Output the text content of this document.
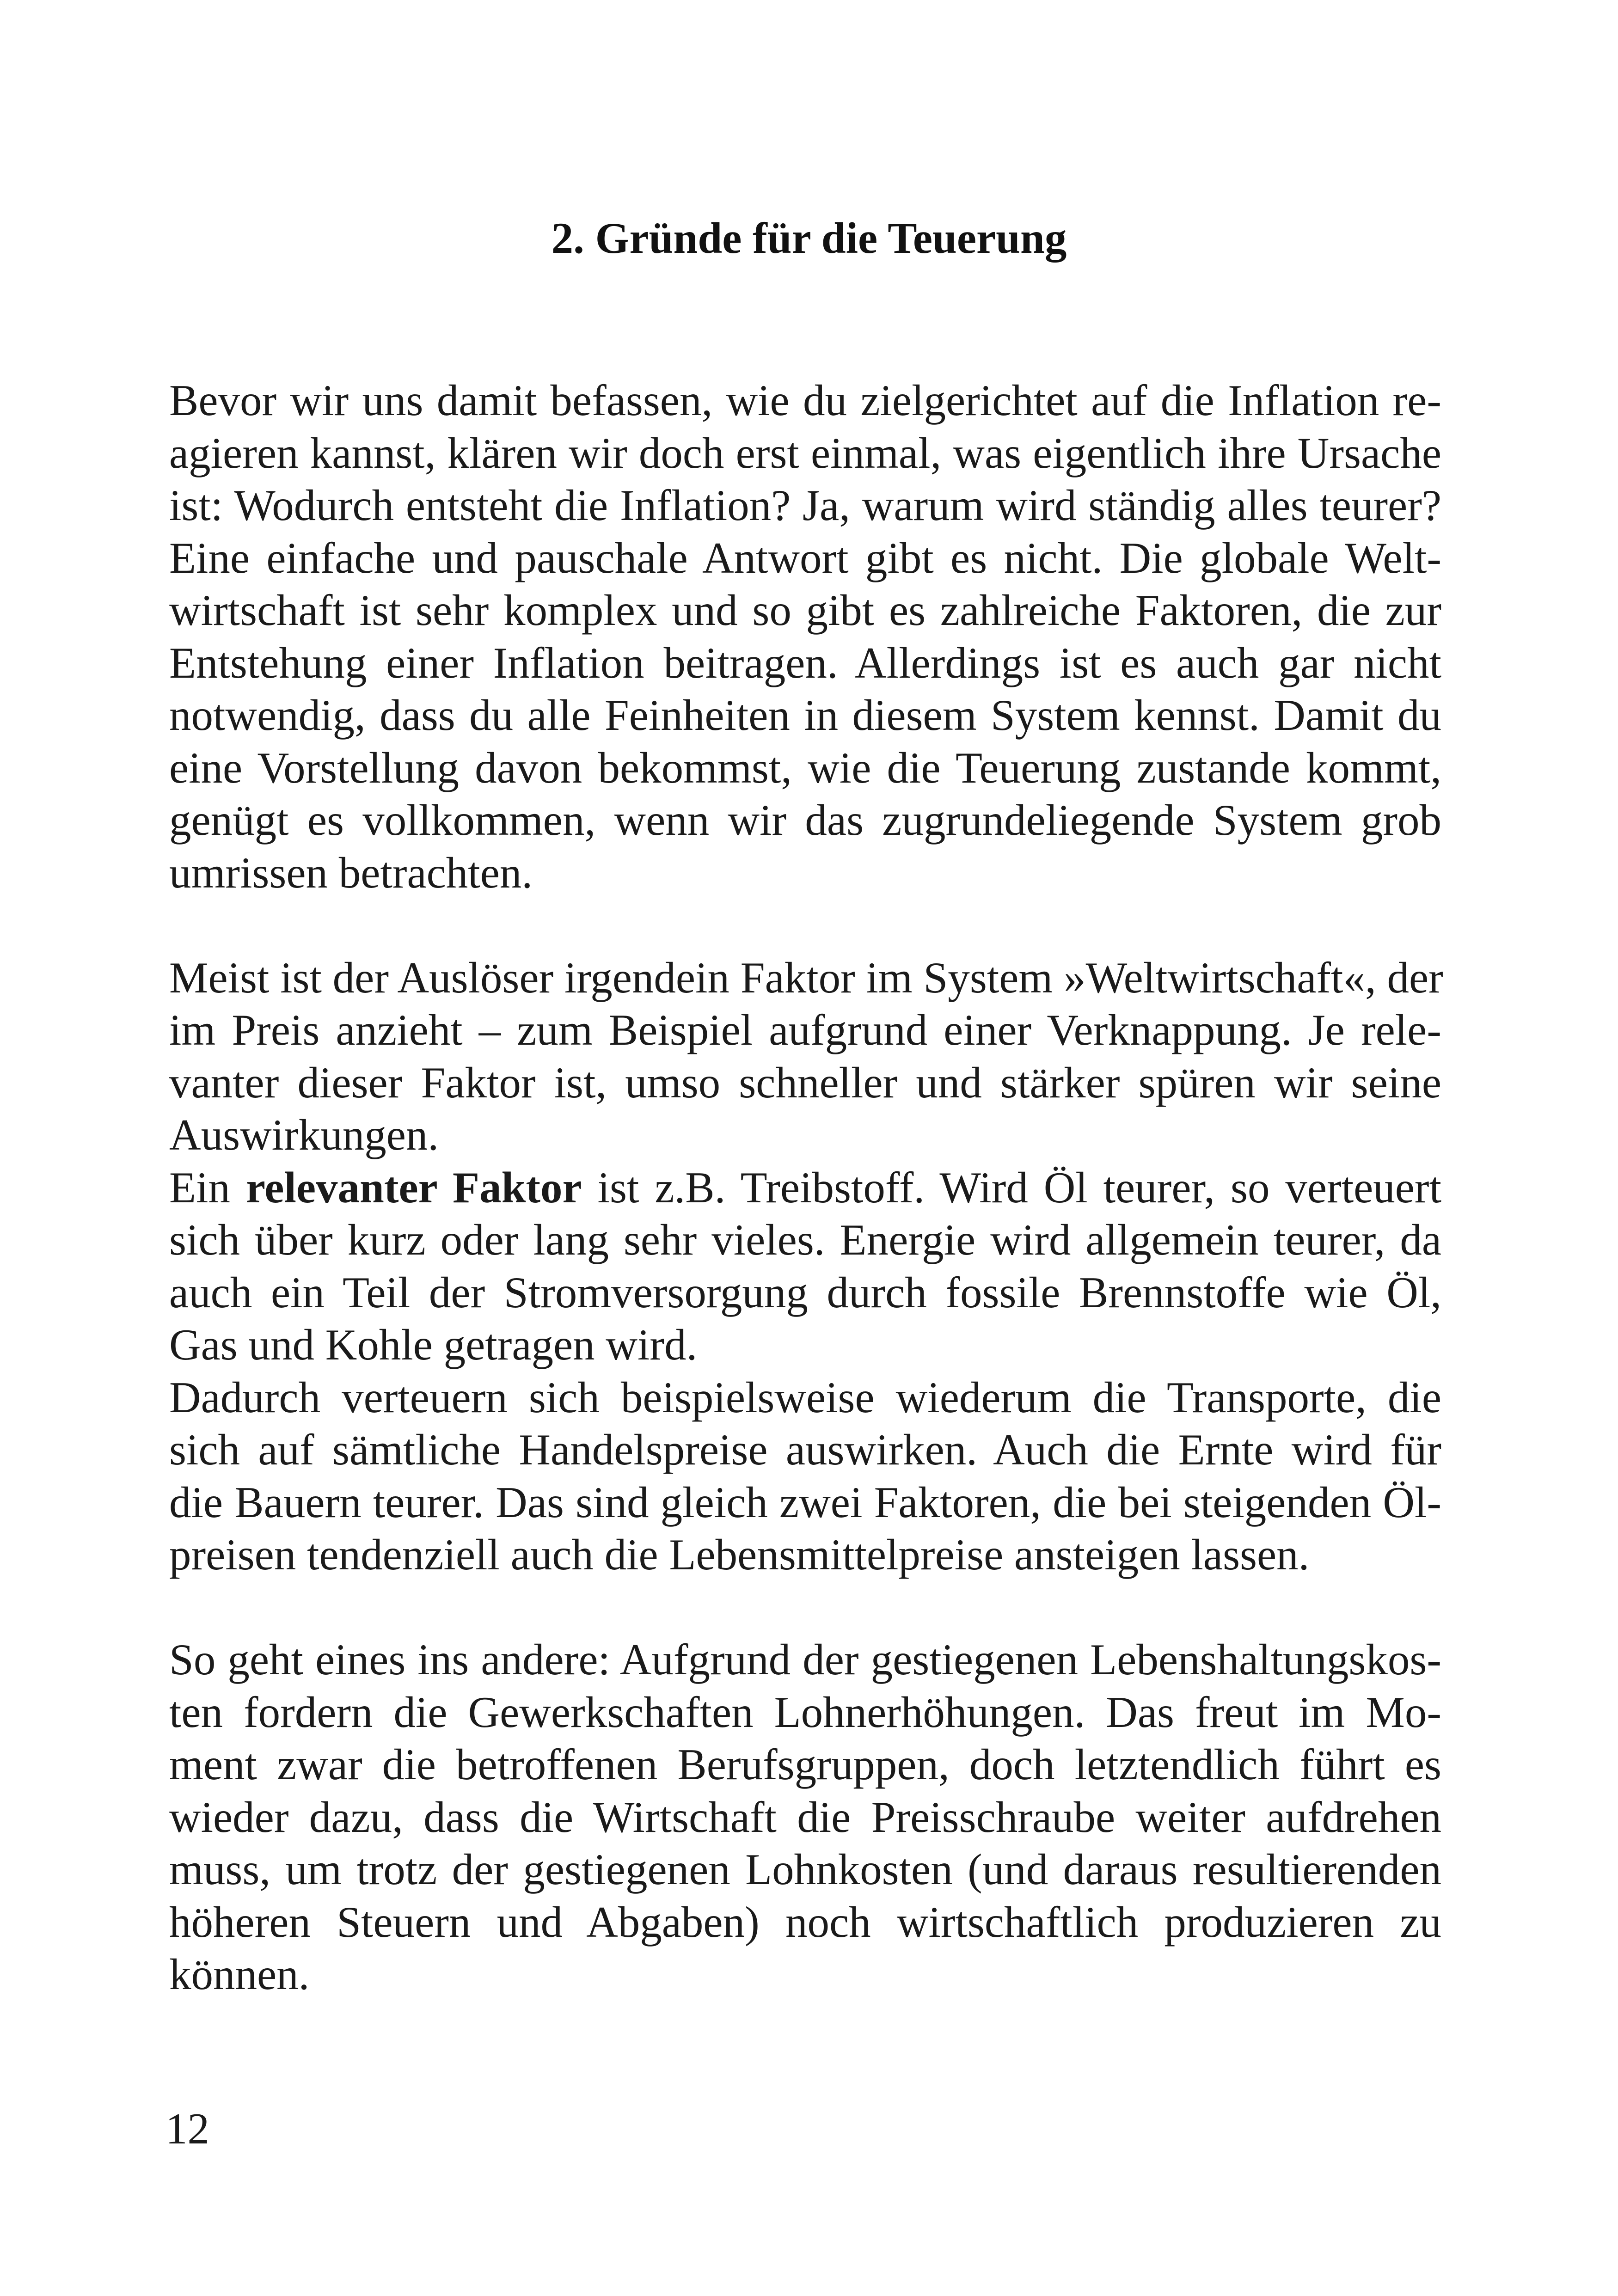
2. Gründe für die Teuerung
Bevor wir uns damit befassen, wie du zielgerichtet auf die Inflation re-
agieren kannst, klären wir doch erst einmal, was eigentlich ihre Ursache
ist: Wodurch entsteht die Inflation? Ja, warum wird ständig alles teurer?
Eine einfache und pauschale Antwort gibt es nicht. Die globale Welt-
wirtschaft ist sehr komplex und so gibt es zahlreiche Faktoren, die zur
Entstehung einer Inflation beitragen. Allerdings ist es auch gar nicht
notwendig, dass du alle Feinheiten in diesem System kennst. Damit du
eine Vorstellung davon bekommst, wie die Teuerung zustande kommt,
genügt es vollkommen, wenn wir das zugrundeliegende System grob
umrissen betrachten.
Meist ist der Auslöser irgendein Faktor im System »Weltwirtschaft«, der
im Preis anzieht – zum Beispiel aufgrund einer Verknappung. Je rele-
vanter dieser Faktor ist, umso schneller und stärker spüren wir seine
Auswirkungen.
Ein relevanter Faktor ist z.B. Treibstoff. Wird Öl teurer, so verteuert
sich über kurz oder lang sehr vieles. Energie wird allgemein teurer, da
auch ein Teil der Stromversorgung durch fossile Brennstoffe wie Öl,
Gas und Kohle getragen wird.
Dadurch verteuern sich beispielsweise wiederum die Transporte, die
sich auf sämtliche Handelspreise auswirken. Auch die Ernte wird für
die Bauern teurer. Das sind gleich zwei Faktoren, die bei steigenden Öl-
preisen tendenziell auch die Lebensmittelpreise ansteigen lassen.
So geht eines ins andere: Aufgrund der gestiegenen Lebenshaltungskos-
ten fordern die Gewerkschaften Lohnerhöhungen. Das freut im Mo-
ment zwar die betroffenen Berufsgruppen, doch letztendlich führt es
wieder dazu, dass die Wirtschaft die Preisschraube weiter aufdrehen
muss, um trotz der gestiegenen Lohnkosten (und daraus resultierenden
höheren Steuern und Abgaben) noch wirtschaftlich produzieren zu
können.
12
